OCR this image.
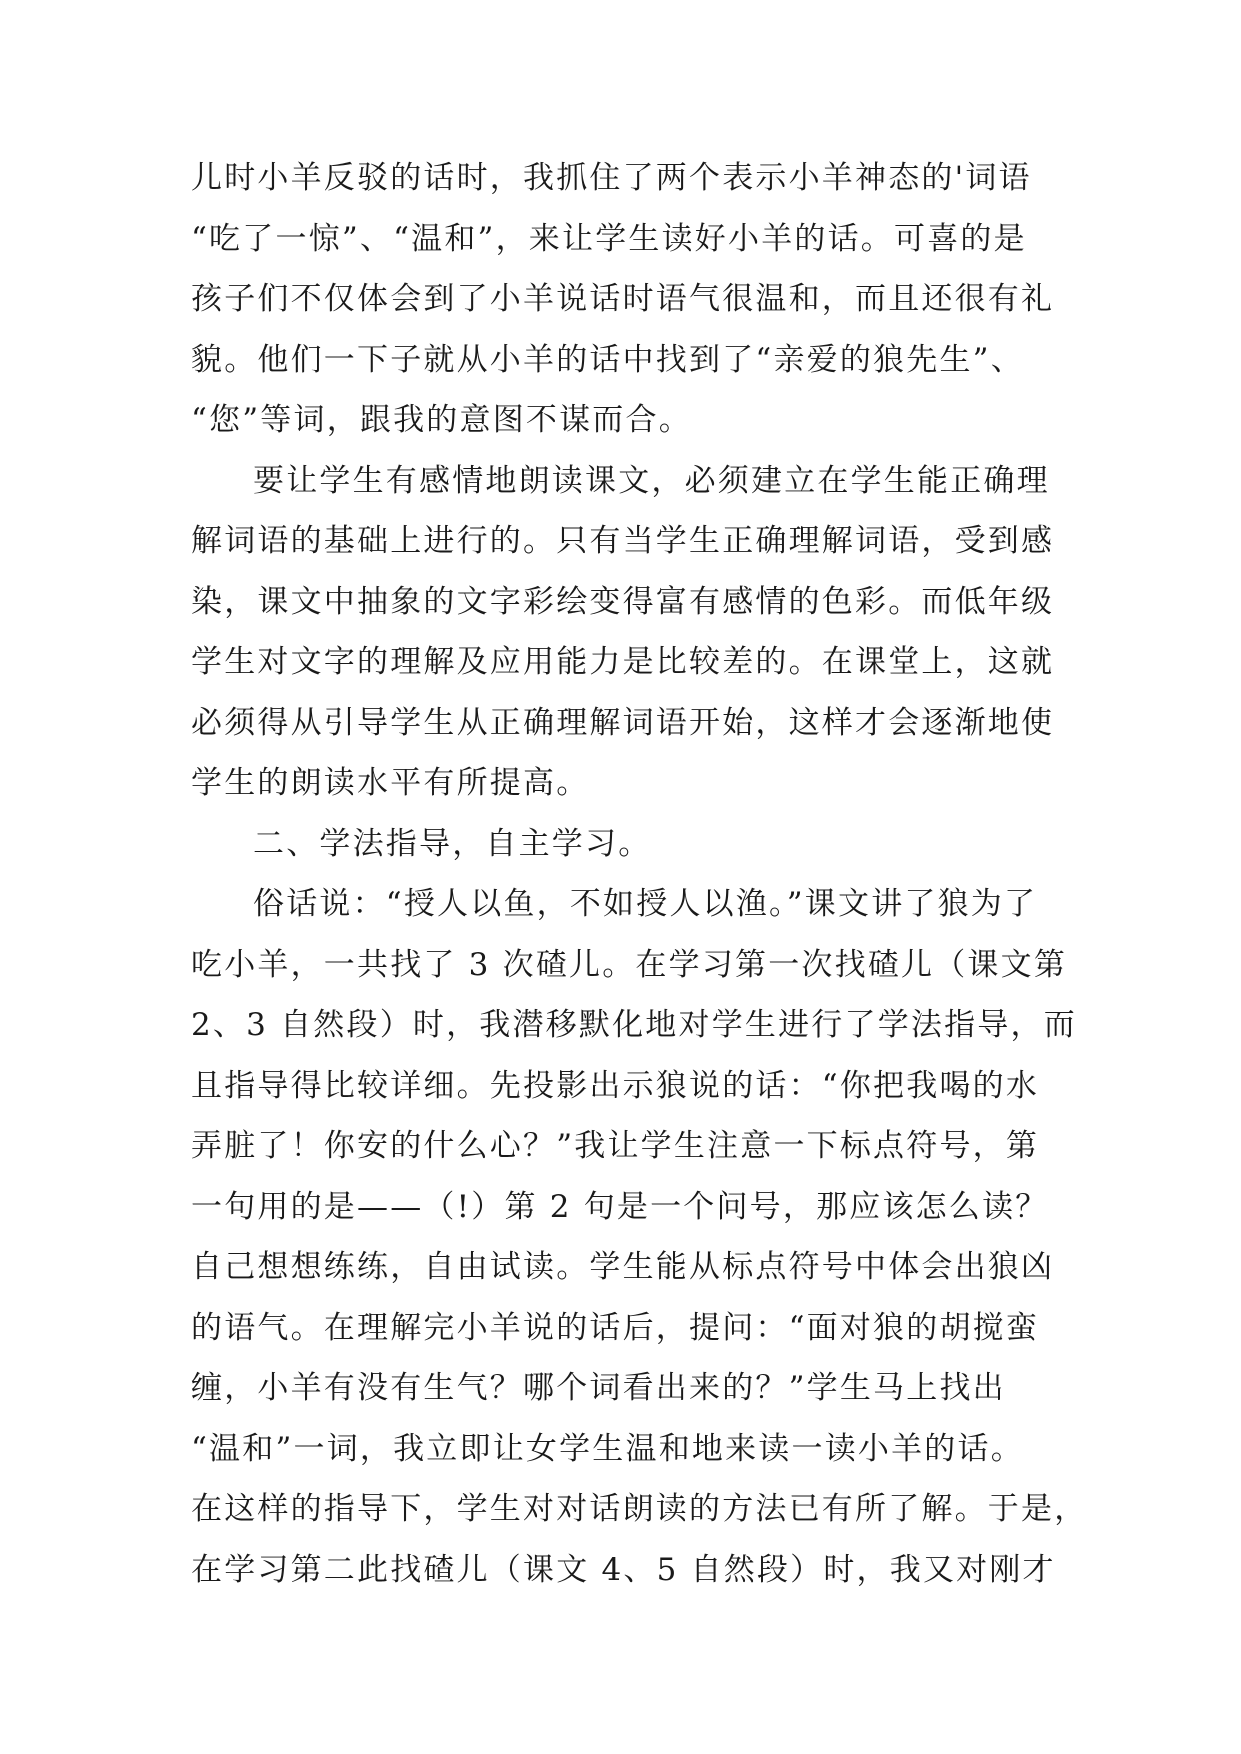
儿时小羊反驳的话时，我抓住了两个表示小羊神态的'词语
“吃了一惊”、“温和”，来让学生读好小羊的话。可喜的是
孩子们不仅体会到了小羊说话时语气很温和，而且还很有礼
貌。他们一下子就从小羊的话中找到了“亲爱的狼先生”、
“您”等词，跟我的意图不谋而合。
要让学生有感情地朗读课文，必须建立在学生能正确理
解词语的基础上进行的。只有当学生正确理解词语，受到感
染，课文中抽象的文字彩绘变得富有感情的色彩。而低年级
学生对文字的理解及应用能力是比较差的。在课堂上，这就
必须得从引导学生从正确理解词语开始，这样才会逐渐地使
学生的朗读水平有所提高。
二、学法指导，自主学习。
俗话说：“授人以鱼，不如授人以渔。”课文讲了狼为了
吃小羊，一共找了 3 次碴儿。在学习第一次找碴儿（课文第
2、3 自然段）时，我潜移默化地对学生进行了学法指导，而
且指导得比较详细。先投影出示狼说的话：“你把我喝的水
弄脏了！你安的什么心？”我让学生注意一下标点符号，第
一句用的是——（!）第 2 句是一个问号，那应该怎么读？
自己想想练练，自由试读。学生能从标点符号中体会出狼凶
的语气。在理解完小羊说的话后，提问：“面对狼的胡搅蛮
缠，小羊有没有生气？哪个词看出来的？”学生马上找出
“温和”一词，我立即让女学生温和地来读一读小羊的话。
在这样的指导下，学生对对话朗读的方法已有所了解。于是，
在学习第二此找碴儿（课文 4、5 自然段）时，我又对刚才
